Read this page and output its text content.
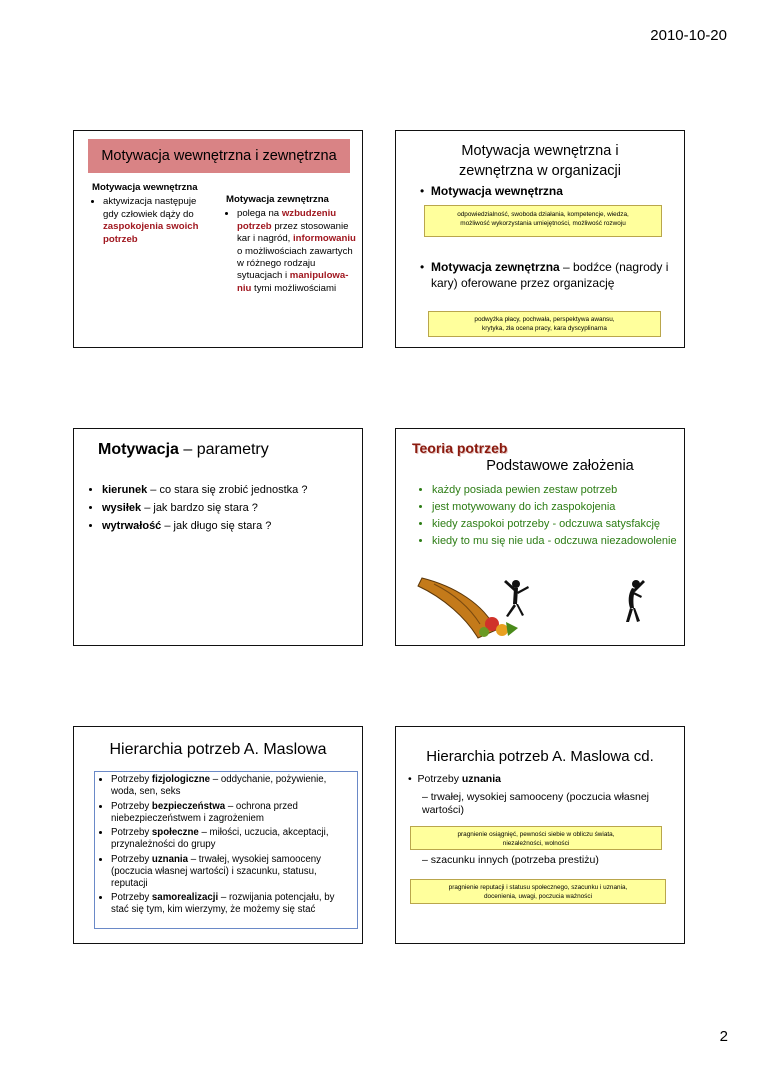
2010-10-20
Motywacja wewnętrzna i zewnętrzna
Motywacja wewnętrzna
• aktywizacja następuje gdy człowiek dąży do zaspokojenia swoich potrzeb
Motywacja zewnętrzna
• polega na wzbudzeniu potrzeb przez stosowanie kar i nagród, informowaniu o możliwościach zawartych w różnego rodzaju sytuacjach i manipulowa-niu tymi możliwościami
Motywacja wewnętrzna i
zewnętrzna w organizacji
•  Motywacja wewnętrzna
odpowiedzialność, swoboda działania, kompetencje, wiedza,
możliwość wykorzystania umiejętności, możliwość rozwoju
• Motywacja zewnętrzna – bodźce (nagrody i kary) oferowane przez organizację
podwyżka płacy, pochwała, perspektywa awansu,
krytyka, zła ocena pracy, kara dyscyplinarna
Motywacja – parametry
• kierunek – co stara się zrobić jednostka ?
• wysiłek – jak bardzo się stara ?
• wytrwałość – jak długo się stara ?
Teoria potrzeb
Podstawowe założenia
• każdy posiada pewien zestaw potrzeb
• jest motywowany do ich zaspokojenia
• kiedy zaspokoi potrzeby - odczuwa satysfakcję
• kiedy to mu się nie uda - odczuwa niezadowolenie
Hierarchia potrzeb A. Maslowa
• Potrzeby fizjologiczne – oddychanie, pożywienie, woda, sen, seks
• Potrzeby bezpieczeństwa – ochrona przed niebezpieczeństwem i zagrożeniem
• Potrzeby społeczne – miłości, uczucia, akceptacji, przynależności do grupy
• Potrzeby uznania – trwałej, wysokiej samooceny (poczucia własnej wartości) i szacunku, statusu, reputacji
• Potrzeby samorealizacji – rozwijania potencjału, by stać się tym, kim wierzymy, że możemy się stać
Hierarchia potrzeb A. Maslowa cd.
•  Potrzeby uznania
– trwałej, wysokiej samooceny (poczucia własnej wartości)
pragnienie osiągnięć, pewności siebie w obliczu świata,
niezależności, wolności
– szacunku innych (potrzeba prestiżu)
pragnienie reputacji i statusu społecznego, szacunku i uznania,
docenienia, uwagi, poczucia ważności
2
